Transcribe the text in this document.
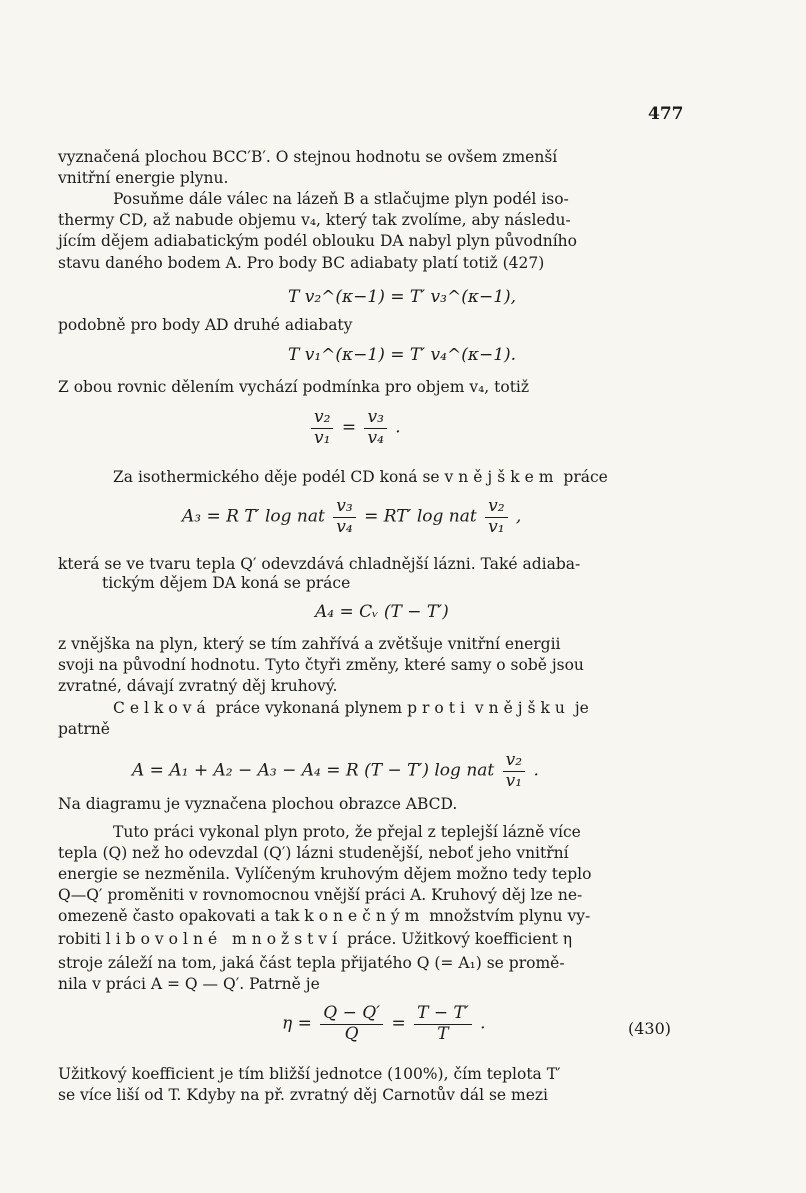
477
vyznačená plochou BCC′B′. O stejnou hodnotu se ovšem zmenší
vnitřní energie plynu.
Posuňme dále válec na lázeň B a stlačujme plyn podél iso-
thermy CD, až nabude objemu v₄, který tak zvolíme, aby následu-
jícím dějem adiabatickým podél oblouku DA nabyl plyn původního
stavu daného bodem A. Pro body BC adiabaty platí totiž (427)
T v₂^(κ−1) = T′ v₃^(κ−1),
podobně pro body AD druhé adiabaty
T v₁^(κ−1) = T′ v₄^(κ−1).
Z obou rovnic dělením vychází podmínka pro objem v₄, totiž
$\frac{\text{v₂}}{\text{v₁}} = \frac{\text{v₃}}{\text{v₄}}$ .
Za isothermického děje podél CD koná se vnějškem práce
A₃ = R T′ log nat $\frac{\text{v₃}}{\text{v₄}} = RT'$ log nat $\frac{\text{v₂}}{\text{v₁}}$ ,
která se ve tvaru tepla Q′ odevzdává chladnější lázni. Také adiaba-
tickým dějem DA koná se práce
A₄ = Cᵥ (T − T′)
z vnějška na plyn, který se tím zahřívá a zvětšuje vnitřní energii
svoji na původní hodnotu. Tyto čtyři změny, které samy o sobě jsou
zvratné, dávají zvratný děj kruhový.
Celková práce vykonaná plynem proti vnějšku je
patrně
A = A₁ + A₂ − A₃ − A₄ = R (T − T′) log nat $\frac{\text{v₂}}{\text{v₁}}$ .
Na diagramu je vyznačena plochou obrazce ABCD.
Tuto práci vykonal plyn proto, že přejal z teplejší lázně více
tepla (Q) než ho odevzdal (Q′) lázni studenější, neboť jeho vnitřní
energie se nezměnila. Vylíčeným kruhovým dějem možno tedy teplo
Q—Q′ proměniti v rovnomocnou vnější práci A. Kruhový děj lze ne-
omezeně často opakovati a tak konečným množstvím plynu vy-
robiti libovolné množství práce. Užitkový koefficient η
stroje záleží na tom, jaká část tepla přijatého Q (= A₁) se promě-
nila v práci A = Q — Q′. Patrně je
$\eta = \frac{Q - Q'}{Q} = \frac{T - T'}{T}$ .	(430)
Užitkový koefficient je tím bližší jednotce (100%), čím teplota T′
se více liší od T. Kdyby na př. zvratný děj Carnotův dál se mezi
